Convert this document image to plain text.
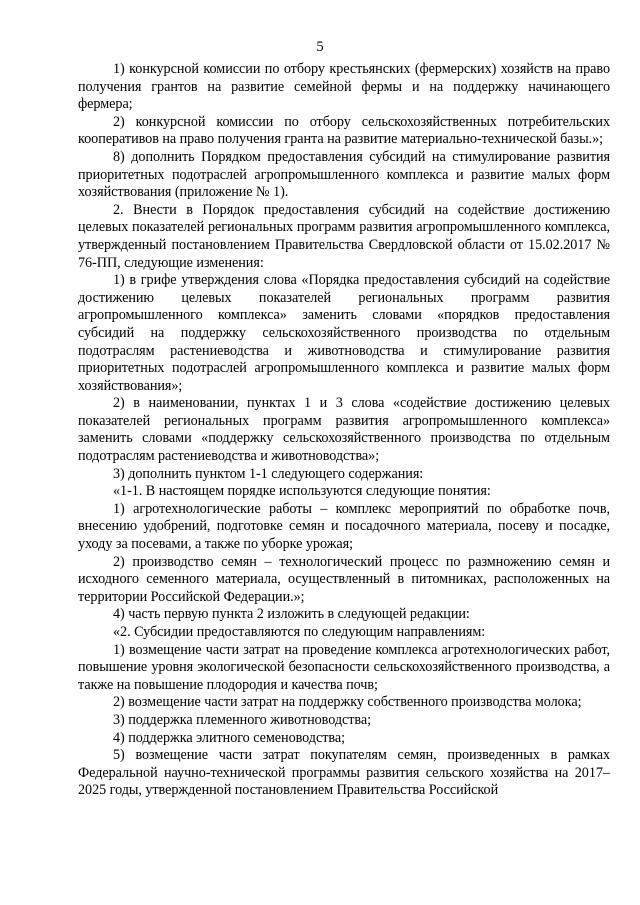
5

1) конкурсной комиссии по отбору крестьянских (фермерских) хозяйств на право получения грантов на развитие семейной фермы и на поддержку начинающего фермера;

2) конкурсной комиссии по отбору сельскохозяйственных потребительских кооперативов на право получения гранта на развитие материально-технической базы.»;

8) дополнить Порядком предоставления субсидий на стимулирование развития приоритетных подотраслей агропромышленного комплекса и развитие малых форм хозяйствования (приложение № 1).

2. Внести в Порядок предоставления субсидий на содействие достижению целевых показателей региональных программ развития агропромышленного комплекса, утвержденный постановлением Правительства Свердловской области от 15.02.2017 № 76-ПП, следующие изменения:

1) в грифе утверждения слова «Порядка предоставления субсидий на содействие достижению целевых показателей региональных программ развития агропромышленного комплекса» заменить словами «порядков предоставления субсидий на поддержку сельскохозяйственного производства по отдельным подотраслям растениеводства и животноводства и стимулирование развития приоритетных подотраслей агропромышленного комплекса и развитие малых форм хозяйствования»;

2) в наименовании, пунктах 1 и 3 слова «содействие достижению целевых показателей региональных программ развития агропромышленного комплекса» заменить словами «поддержку сельскохозяйственного производства по отдельным подотраслям растениеводства и животноводства»;

3) дополнить пунктом 1-1 следующего содержания:

«1-1. В настоящем порядке используются следующие понятия:

1) агротехнологические работы – комплекс мероприятий по обработке почв, внесению удобрений, подготовке семян и посадочного материала, посеву и посадке, уходу за посевами, а также по уборке урожая;

2) производство семян – технологический процесс по размножению семян и исходного семенного материала, осуществленный в питомниках, расположенных на территории Российской Федерации.»;

4) часть первую пункта 2 изложить в следующей редакции:

«2. Субсидии предоставляются по следующим направлениям:

1) возмещение части затрат на проведение комплекса агротехнологических работ, повышение уровня экологической безопасности сельскохозяйственного производства, а также на повышение плодородия и качества почв;

2) возмещение части затрат на поддержку собственного производства молока;

3) поддержка племенного животноводства;

4) поддержка элитного семеноводства;

5) возмещение части затрат покупателям семян, произведенных в рамках Федеральной научно-технической программы развития сельского хозяйства на 2017–2025 годы, утвержденной постановлением Правительства Российской
